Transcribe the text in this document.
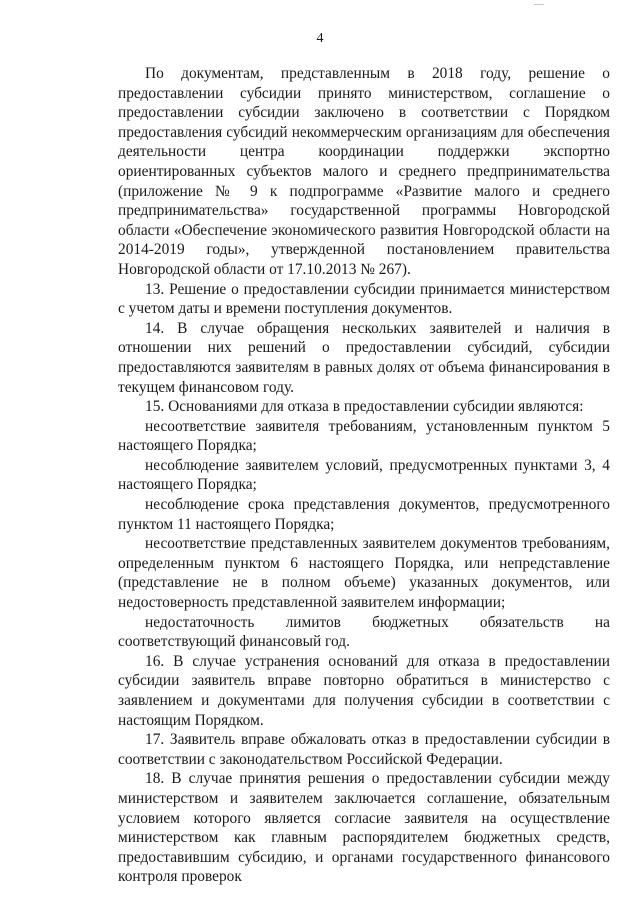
4

По документам, представленным в 2018 году, решение о предоставлении субсидии принято министерством, соглашение о предоставлении субсидии заключено в соответствии с Порядком предоставления субсидий некоммерческим организациям для обеспечения деятельности центра координации поддержки экспортно ориентированных субъектов малого и среднего предпринимательства (приложение № 9 к подпрограмме «Развитие малого и среднего предпринимательства» государственной программы Новгородской области «Обеспечение экономического развития Новгородской области на 2014-2019 годы», утвержденной постановлением правительства Новгородской области от 17.10.2013 № 267).

13. Решение о предоставлении субсидии принимается министерством с учетом даты и времени поступления документов.

14. В случае обращения нескольких заявителей и наличия в отношении них решений о предоставлении субсидий, субсидии предоставляются заявителям в равных долях от объема финансирования в текущем финансовом году.

15. Основаниями для отказа в предоставлении субсидии являются:

несоответствие заявителя требованиям, установленным пунктом 5 настоящего Порядка;

несоблюдение заявителем условий, предусмотренных пунктами 3, 4 настоящего Порядка;

несоблюдение срока представления документов, предусмотренного пунктом 11 настоящего Порядка;

несоответствие представленных заявителем документов требованиям, определенным пунктом 6 настоящего Порядка, или непредставление (представление не в полном объеме) указанных документов, или недостоверность представленной заявителем информации;

недостаточность лимитов бюджетных обязательств на соответствующий финансовый год.

16. В случае устранения оснований для отказа в предоставлении субсидии заявитель вправе повторно обратиться в министерство с заявлением и документами для получения субсидии в соответствии с настоящим Порядком.

17. Заявитель вправе обжаловать отказ в предоставлении субсидии в соответствии с законодательством Российской Федерации.

18. В случае принятия решения о предоставлении субсидии между министерством и заявителем заключается соглашение, обязательным условием которого является согласие заявителя на осуществление министерством как главным распорядителем бюджетных средств, предоставившим субсидию, и органами государственного финансового контроля проверок
